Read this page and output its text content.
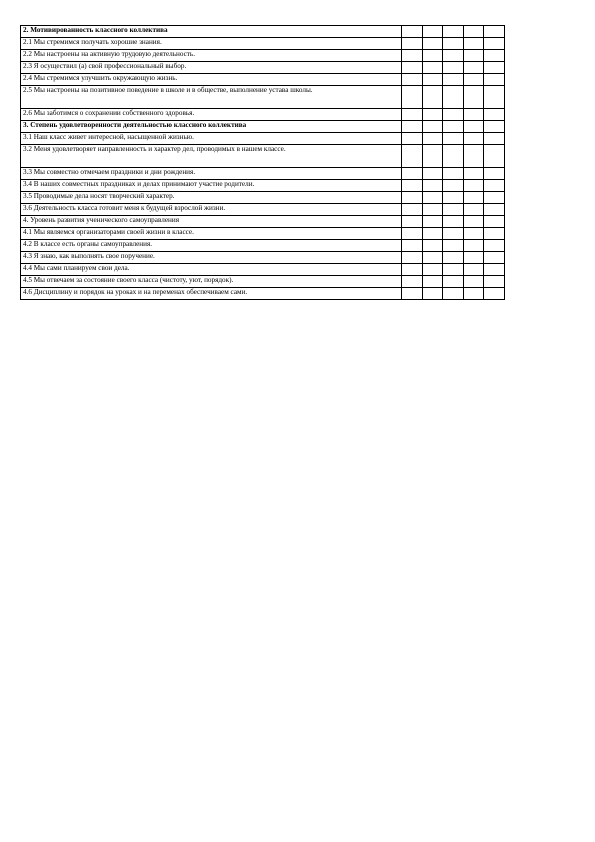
2. Мотивированность классного коллектива					
2.1 Мы стремимся получать хорошие знания.					
2.2 Мы настроены на активную трудовую деятельность.					
2.3 Я осуществил (а) свой профессиональный выбор.					
2.4 Мы стремимся улучшить окружающую жизнь.					
2.5 Мы настроены на позитивное поведение в школе и в обществе, выполнение устава школы.					
2.6 Мы заботимся о сохранении собственного здоровья.					
3. Степень удовлетворенности деятельностью классного коллектива					
3.1 Наш класс живет интересной, насыщенной жизнью.					
3.2 Меня удовлетворяет направленность и характер дел, проводимых в нашем классе.					
3.3 Мы совместно отмечаем праздники и дни рождения.					
3.4 В наших совместных праздниках и делах принимают участие родители.					
3.5 Проводимые дела носят творческий характер.					
3.6 Деятельность класса готовит меня к будущей взрослой жизни.					
4. Уровень развития ученического самоуправления					
4.1 Мы являемся организаторами своей жизни в классе.					
4.2 В классе есть органы самоуправления.					
4.3 Я знаю, как выполнять свое поручение.					
4.4 Мы сами планируем свои дела.					
4.5 Мы отвечаем за состояние своего класса (чистоту, уют, порядок).					
4.6 Дисциплину и порядок на уроках и на переменах обеспечиваем сами.					
